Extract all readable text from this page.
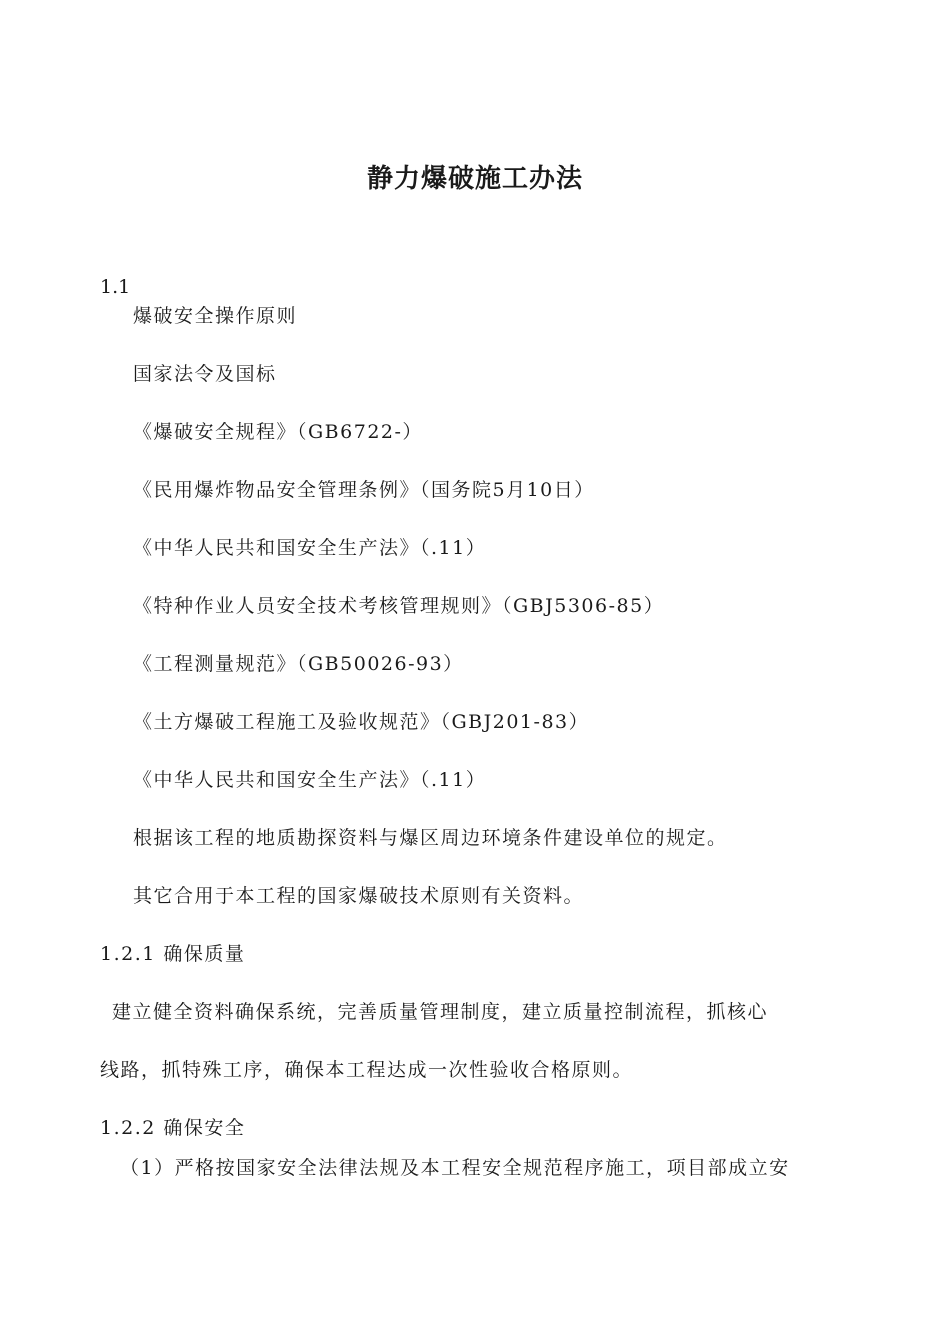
静力爆破施工办法
1.1
爆破安全操作原则
国家法令及国标
《爆破安全规程》（GB6722-）
《民用爆炸物品安全管理条例》（国务院5月10日）
《中华人民共和国安全生产法》（.11）
《特种作业人员安全技术考核管理规则》（GBJ5306-85）
《工程测量规范》（GB50026-93）
《土方爆破工程施工及验收规范》（GBJ201-83）
《中华人民共和国安全生产法》（.11）
根据该工程的地质勘探资料与爆区周边环境条件建设单位的规定。
其它合用于本工程的国家爆破技术原则有关资料。
1.2.1 确保质量
建立健全资料确保系统，完善质量管理制度，建立质量控制流程，抓核心
线路，抓特殊工序，确保本工程达成一次性验收合格原则。
1.2.2 确保安全
（1）严格按国家安全法律法规及本工程安全规范程序施工，项目部成立安
